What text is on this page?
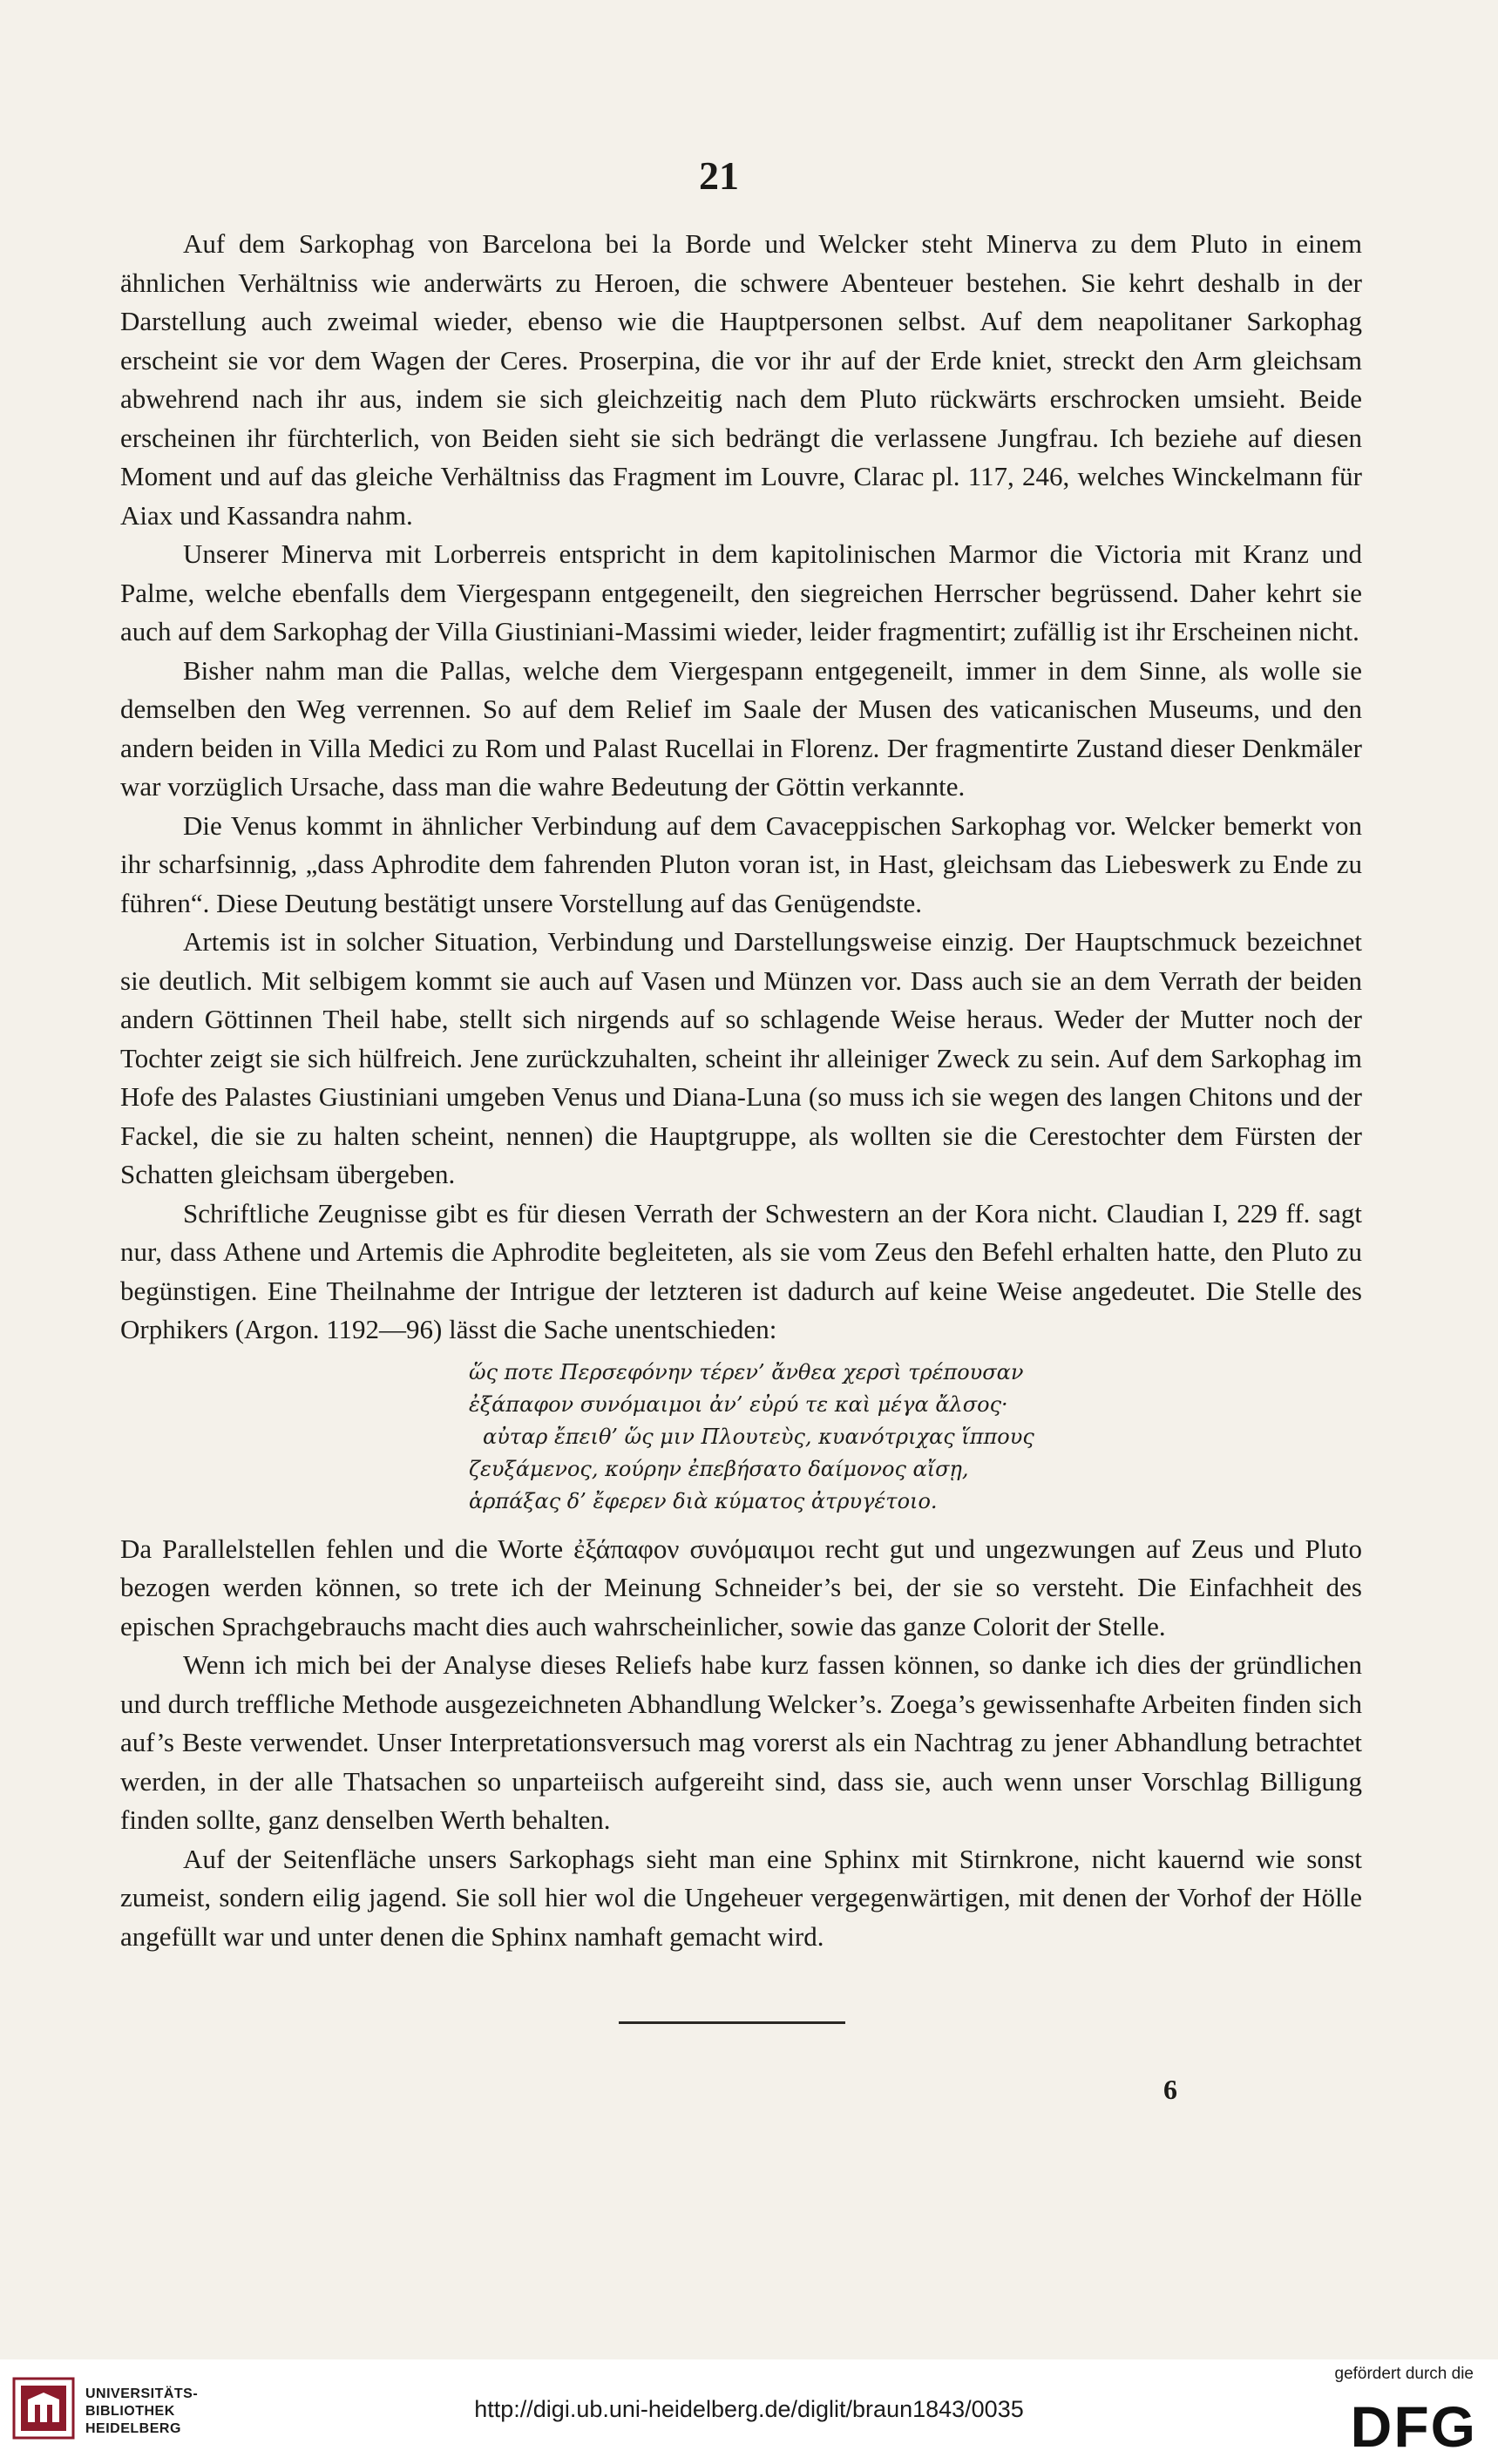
21

Auf dem Sarkophag von Barcelona bei la Borde und Welcker steht Minerva zu dem Pluto in einem ähnlichen Verhältniss wie anderwärts zu Heroen, die schwere Abenteuer bestehen. Sie kehrt deshalb in der Darstellung auch zweimal wieder, ebenso wie die Hauptpersonen selbst. Auf dem neapolitaner Sarkophag erscheint sie vor dem Wagen der Ceres. Proserpina, die vor ihr auf der Erde kniet, streckt den Arm gleichsam abwehrend nach ihr aus, indem sie sich gleichzeitig nach dem Pluto rückwärts erschrocken umsieht. Beide erscheinen ihr fürchterlich, von Beiden sieht sie sich bedrängt die verlassene Jungfrau. Ich beziehe auf diesen Moment und auf das gleiche Verhältniss das Fragment im Louvre, Clarac pl. 117, 246, welches Winckelmann für Aiax und Kassandra nahm.

Unserer Minerva mit Lorberreis entspricht in dem kapitolinischen Marmor die Victoria mit Kranz und Palme, welche ebenfalls dem Viergespann entgegeneilt, den siegreichen Herrscher begrüssend. Daher kehrt sie auch auf dem Sarkophag der Villa Giustiniani-Massimi wieder, leider fragmentirt; zufällig ist ihr Erscheinen nicht.

Bisher nahm man die Pallas, welche dem Viergespann entgegeneilt, immer in dem Sinne, als wolle sie demselben den Weg verrennen. So auf dem Relief im Saale der Musen des vaticanischen Museums, und den andern beiden in Villa Medici zu Rom und Palast Rucellai in Florenz. Der fragmentirte Zustand dieser Denkmäler war vorzüglich Ursache, dass man die wahre Bedeutung der Göttin verkannte.

Die Venus kommt in ähnlicher Verbindung auf dem Cavaceppischen Sarkophag vor. Welcker bemerkt von ihr scharfsinnig, „dass Aphrodite dem fahrenden Pluton voran ist, in Hast, gleichsam das Liebeswerk zu Ende zu führen“. Diese Deutung bestätigt unsere Vorstellung auf das Genügendste.

Artemis ist in solcher Situation, Verbindung und Darstellungsweise einzig. Der Hauptschmuck bezeichnet sie deutlich. Mit selbigem kommt sie auch auf Vasen und Münzen vor. Dass auch sie an dem Verrath der beiden andern Göttinnen Theil habe, stellt sich nirgends auf so schlagende Weise heraus. Weder der Mutter noch der Tochter zeigt sie sich hülfreich. Jene zurückzuhalten, scheint ihr alleiniger Zweck zu sein. Auf dem Sarkophag im Hofe des Palastes Giustiniani umgeben Venus und Diana-Luna (so muss ich sie wegen des langen Chitons und der Fackel, die sie zu halten scheint, nennen) die Hauptgruppe, als wollten sie die Cerestochter dem Fürsten der Schatten gleichsam übergeben.

Schriftliche Zeugnisse gibt es für diesen Verrath der Schwestern an der Kora nicht. Claudian I, 229 ff. sagt nur, dass Athene und Artemis die Aphrodite begleiteten, als sie vom Zeus den Befehl erhalten hatte, den Pluto zu begünstigen. Eine Theilnahme der Intrigue der letzteren ist dadurch auf keine Weise angedeutet. Die Stelle des Orphikers (Argon. 1192—96) lässt die Sache unentschieden:

ὥς ποτε Περσεφόνην τέρεν’ ἄνθεα χερσὶ τρέπουσαν
ἐξάπαφον συνόμαιμοι ἀν’ εὐρύ τε καὶ μέγα ἄλσος·
αὐταρ ἔπειθ’ ὥς μιν Πλουτεὺς, κυανότριχας ἵππους
ζευξάμενος, κούρην ἐπεβήσατο δαίμονος αἴσῃ,
ἁρπάξας δ’ ἔφερεν διὰ κύματος ἀτρυγέτοιο.

Da Parallelstellen fehlen und die Worte ἐξάπαφον συνόμαιμοι recht gut und ungezwungen auf Zeus und Pluto bezogen werden können, so trete ich der Meinung Schneider’s bei, der sie so versteht. Die Einfachheit des epischen Sprachgebrauchs macht dies auch wahrscheinlicher, sowie das ganze Colorit der Stelle.

Wenn ich mich bei der Analyse dieses Reliefs habe kurz fassen können, so danke ich dies der gründlichen und durch treffliche Methode ausgezeichneten Abhandlung Welcker’s. Zoega’s gewissenhafte Arbeiten finden sich auf’s Beste verwendet. Unser Interpretationsversuch mag vorerst als ein Nachtrag zu jener Abhandlung betrachtet werden, in der alle Thatsachen so unparteiisch aufgereiht sind, dass sie, auch wenn unser Vorschlag Billigung finden sollte, ganz denselben Werth behalten.

Auf der Seitenfläche unsers Sarkophags sieht man eine Sphinx mit Stirnkrone, nicht kauernd wie sonst zumeist, sondern eilig jagend. Sie soll hier wol die Ungeheuer vergegenwärtigen, mit denen der Vorhof der Hölle angefüllt war und unter denen die Sphinx namhaft gemacht wird.

6
UNIVERSITÄTS-
BIBLIOTHEK
HEIDELBERG
http://digi.ub.uni-heidelberg.de/diglit/braun1843/0035
gefördert durch die
DFG
